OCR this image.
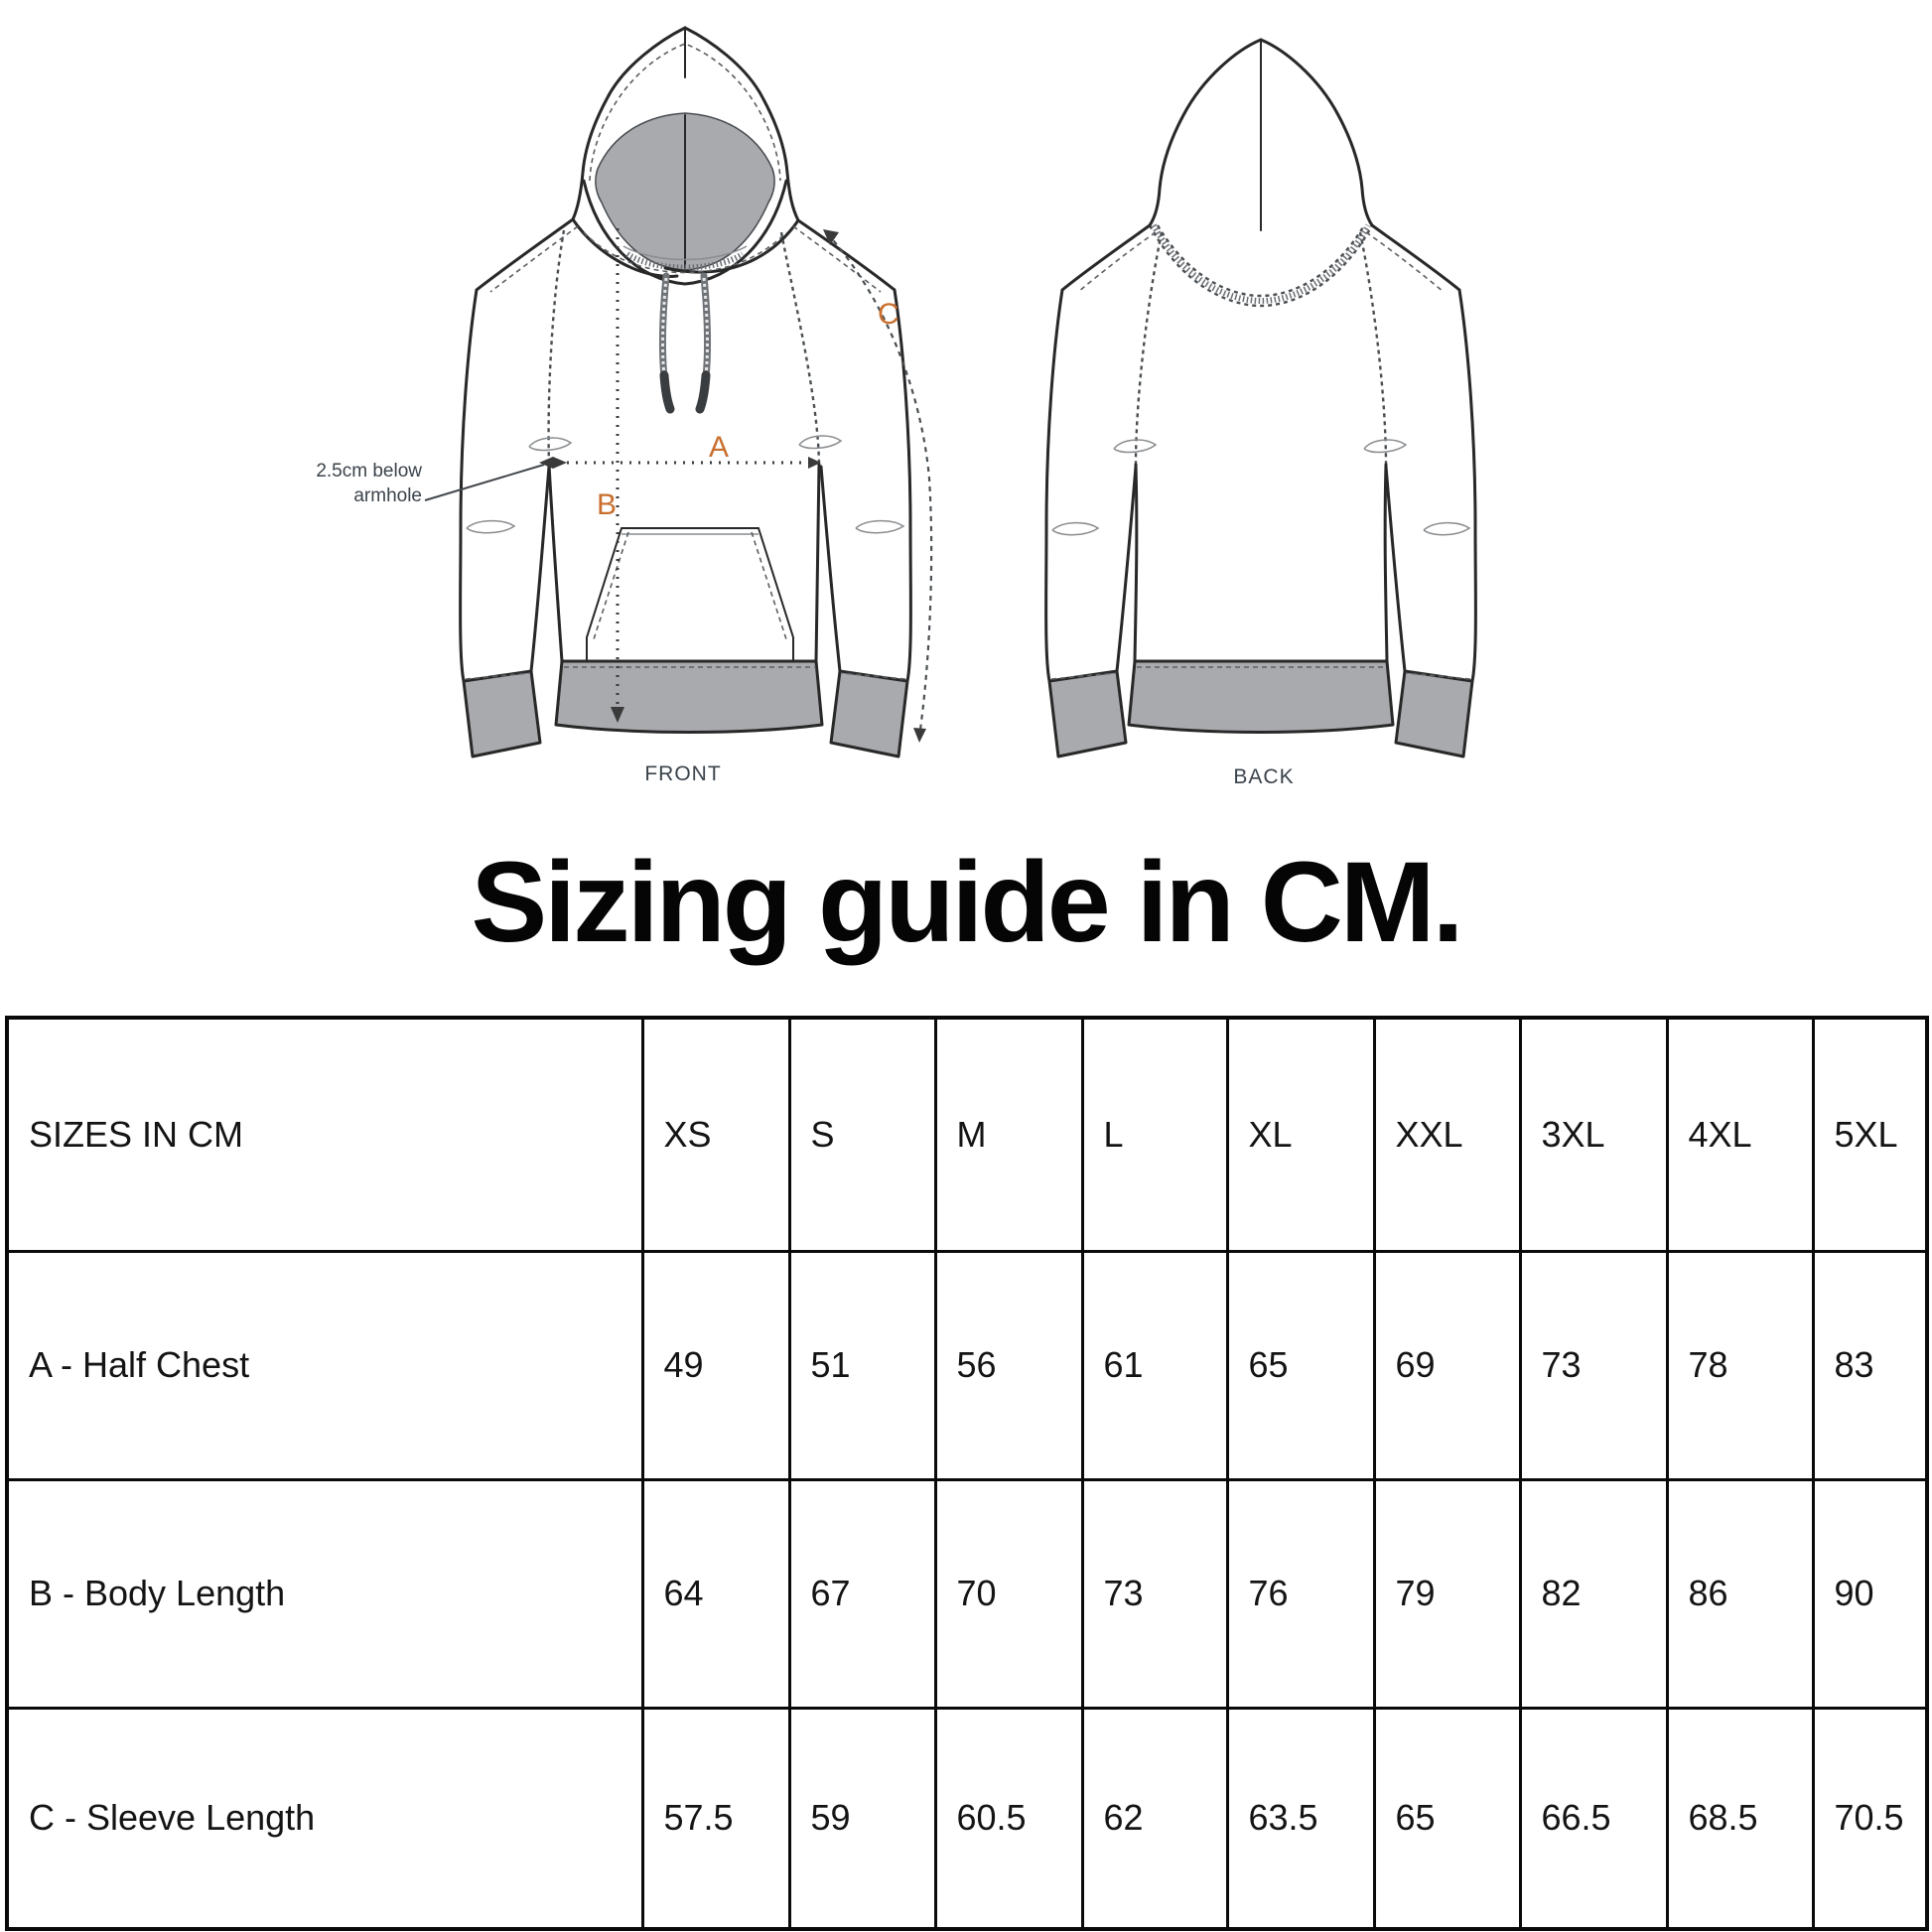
2.5cm below
armhole
A
B
C
FRONT	BACK
Sizing guide in CM.
SIZES IN CM	XS	S	M	L	XL	XXL	3XL	4XL	5XL
A - Half Chest	49	51	56	61	65	69	73	78	83
B - Body Length	64	67	70	73	76	79	82	86	90
C - Sleeve Length	57.5	59	60.5	62	63.5	65	66.5	68.5	70.5
